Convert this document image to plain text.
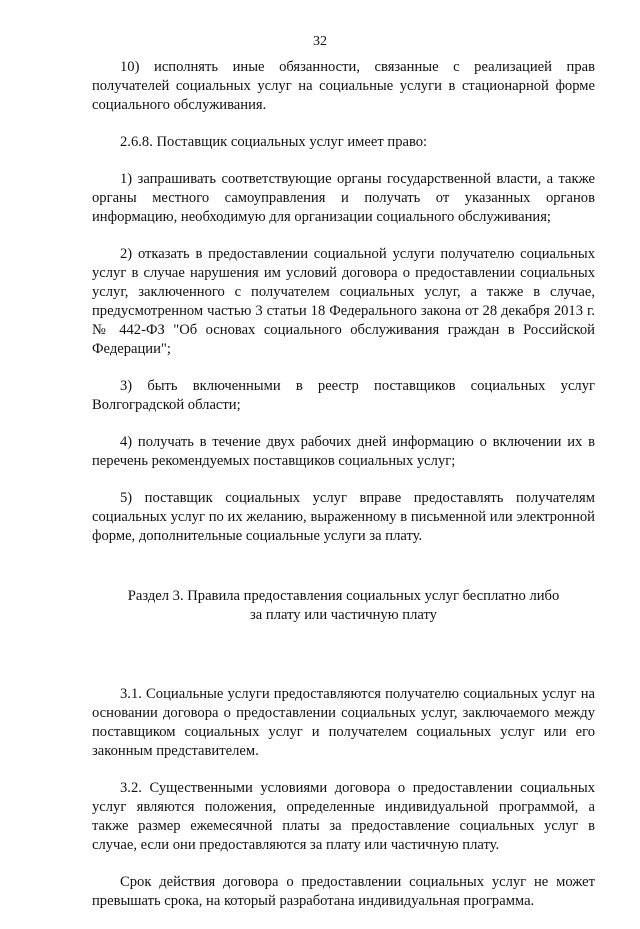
32

10) исполнять иные обязанности, связанные с реализацией прав получателей социальных услуг на социальные услуги в стационарной форме социального обслуживания.

2.6.8. Поставщик социальных услуг имеет право:

1) запрашивать соответствующие органы государственной власти, а также органы местного самоуправления и получать от указанных органов информацию, необходимую для организации социального обслуживания;

2) отказать в предоставлении социальной услуги получателю социальных услуг в случае нарушения им условий договора о предоставлении социальных услуг, заключенного с получателем социальных услуг, а также в случае, предусмотренном частью 3 статьи 18 Федерального закона от 28 декабря 2013 г. № 442-ФЗ "Об основах социального обслуживания граждан в Российской Федерации";

3) быть включенными в реестр поставщиков социальных услуг Волгоградской области;

4) получать в течение двух рабочих дней информацию о включении их в перечень рекомендуемых поставщиков социальных услуг;

5) поставщик социальных услуг вправе предоставлять получателям социальных услуг по их желанию, выраженному в письменной или электронной форме, дополнительные социальные услуги за плату.

Раздел 3. Правила предоставления социальных услуг бесплатно либо

за плату или частичную плату

3.1. Социальные услуги предоставляются получателю социальных услуг на основании договора о предоставлении социальных услуг, заключаемого между поставщиком социальных услуг и получателем социальных услуг или его законным представителем.

3.2. Существенными условиями договора о предоставлении социальных услуг являются положения, определенные индивидуальной программой, а также размер ежемесячной платы за предоставление социальных услуг в случае, если они предоставляются за плату или частичную плату.

Срок действия договора о предоставлении социальных услуг не может превышать срока, на который разработана индивидуальная программа.
